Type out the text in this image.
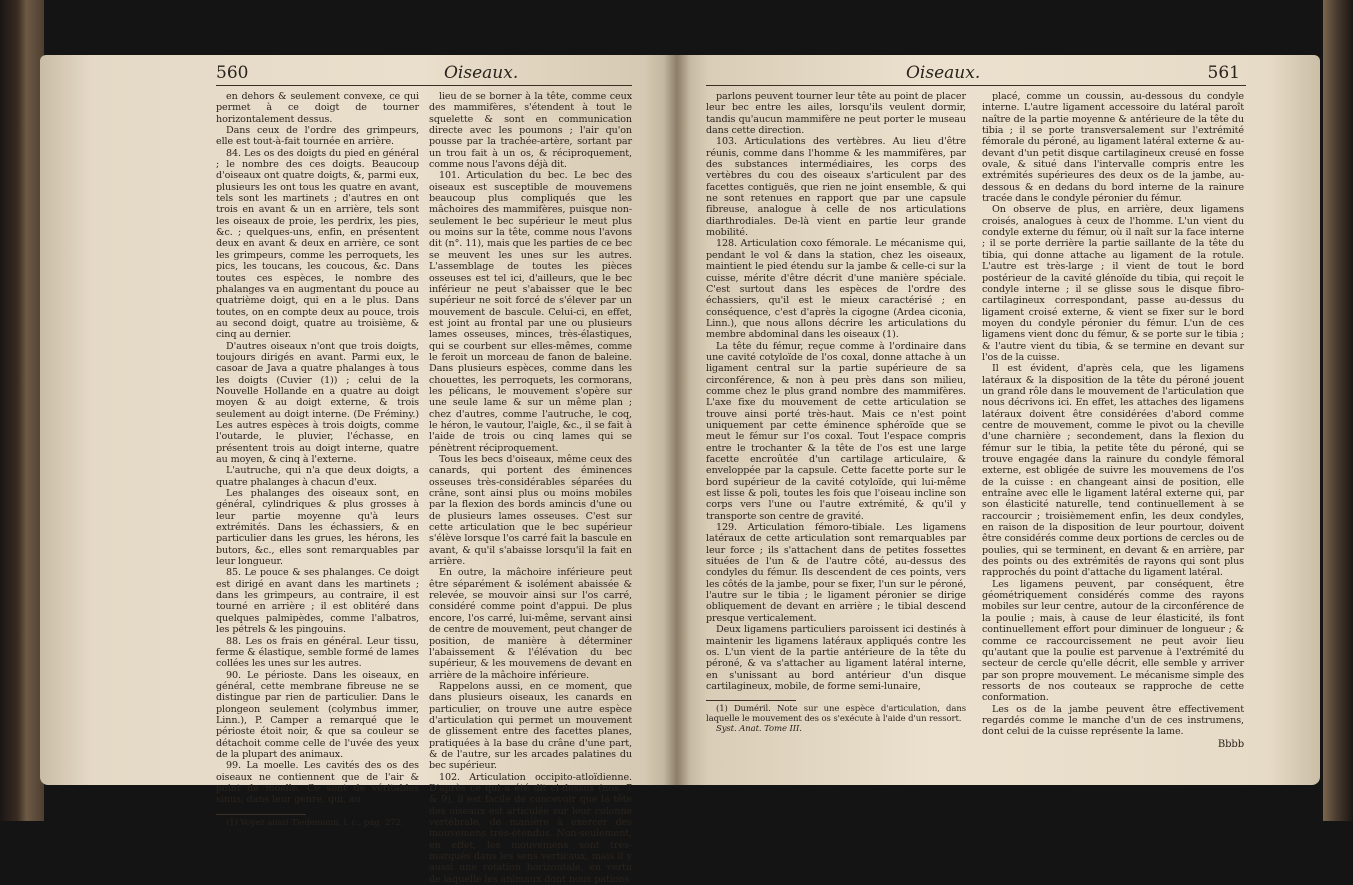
560	Oiseaux.

en dehors & seulement convexe, ce qui permet à ce doigt de tourner horizontalement dessus.

Dans ceux de l'ordre des grimpeurs, elle est tout-à-fait tournée en arrière.

84. Les os des doigts du pied en général ; le nombre des ces doigts. Beaucoup d'oiseaux ont quatre doigts, &, parmi eux, plusieurs les ont tous les quatre en avant, tels sont les martinets ; d'autres en ont trois en avant & un en arrière, tels sont les oiseaux de proie, les perdrix, les pies, &c. ; quelques-uns, enfin, en présentent deux en avant & deux en arrière, ce sont les grimpeurs, comme les perroquets, les pics, les toucans, les coucous, &c. Dans toutes ces espèces, le nombre des phalanges va en augmentant du pouce au quatrième doigt, qui en a le plus. Dans toutes, on en compte deux au pouce, trois au second doigt, quatre au troisième, & cinq au dernier.

D'autres oiseaux n'ont que trois doigts, toujours dirigés en avant. Parmi eux, le casoar de Java a quatre phalanges à tous les doigts (Cuvier (1)) ; celui de la Nouvelle Hollande en a quatre au doigt moyen & au doigt externe, & trois seulement au doigt interne. (De Fréminy.) Les autres espèces à trois doigts, comme l'outarde, le pluvier, l'échasse, en présentent trois au doigt interne, quatre au moyen, & cinq à l'externe.

L'autruche, qui n'a que deux doigts, a quatre phalanges à chacun d'eux.

Les phalanges des oiseaux sont, en général, cylindriques & plus grosses à leur partie moyenne qu'à leurs extrémités. Dans les échassiers, & en particulier dans les grues, les hérons, les butors, &c., elles sont remarquables par leur longueur.

85. Le pouce & ses phalanges. Ce doigt est dirigé en avant dans les martinets ; dans les grimpeurs, au contraire, il est tourné en arrière ; il est oblitéré dans quelques palmipèdes, comme l'albatros, les pétrels & les pingouins.

88. Les os frais en général. Leur tissu, ferme & élastique, semble formé de lames collées les unes sur les autres.

90. Le périoste. Dans les oiseaux, en général, cette membrane fibreuse ne se distingue par rien de particulier. Dans le plongeon seulement (colymbus immer, Linn.), P. Camper a remarqué que le périoste étoit noir, & que sa couleur se détachoit comme celle de l'uvée des yeux de la plupart des animaux.

99. La moelle. Les cavités des os des oiseaux ne contiennent que de l'air & point de moelle. Ce sont de véritables sinus, dans leur genre, qui, au

(1) Voyez aussi Tiedemann, l. c., pag. 272.

lieu de se borner à la tête, comme ceux des mammifères, s'étendent à tout le squelette & sont en communication directe avec les poumons ; l'air qu'on pousse par la trachée-artère, sortant par un trou fait à un os, & réciproquement, comme nous l'avons déjà dit.

101. Articulation du bec. Le bec des oiseaux est susceptible de mouvemens beaucoup plus compliqués que les mâchoires des mammifères, puisque non-seulement le bec supérieur le meut plus ou moins sur la tête, comme nous l'avons dit (n°. 11), mais que les parties de ce bec se meuvent les unes sur les autres. L'assemblage de toutes les pièces osseuses est tel ici, d'ailleurs, que le bec inférieur ne peut s'abaisser que le bec supérieur ne soit forcé de s'élever par un mouvement de bascule. Celui-ci, en effet, est joint au frontal par une ou plusieurs lames osseuses, minces, très-élastiques, qui se courbent sur elles-mêmes, comme le feroit un morceau de fanon de baleine. Dans plusieurs espèces, comme dans les chouettes, les perroquets, les cormorans, les pélicans, le mouvement s'opère sur une seule lame & sur un même plan ; chez d'autres, comme l'autruche, le coq, le héron, le vautour, l'aigle, &c., il se fait à l'aide de trois ou cinq lames qui se pénètrent réciproquement.

Tous les becs d'oiseaux, même ceux des canards, qui portent des éminences osseuses très-considérables séparées du crâne, sont ainsi plus ou moins mobiles par la flexion des bords amincis d'une ou de plusieurs lames osseuses. C'est sur cette articulation que le bec supérieur s'élève lorsque l'os carré fait la bascule en avant, & qu'il s'abaisse lorsqu'il la fait en arrière.

En outre, la mâchoire inférieure peut être séparément & isolément abaissée & relevée, se mouvoir ainsi sur l'os carré, considéré comme point d'appui. De plus encore, l'os carré, lui-même, servant ainsi de centre de mouvement, peut changer de position, de manière à déterminer l'abaissement & l'élévation du bec supérieur, & les mouvemens de devant en arrière de la mâchoire inférieure.

Rappelons aussi, en ce moment, que dans plusieurs oiseaux, les canards en particulier, on trouve une autre espèce d'articulation qui permet un mouvement de glissement entre des facettes planes, pratiquées à la base du crâne d'une part, & de l'autre, sur les arcades palatines du bec supérieur.

102. Articulation occipito-atloïdienne. D'après ce qui a été dit ci-dessus (nos. 7 & 9), il est facile de concevoir que la tête des oiseaux est articulée sur leur colonne vertébrale, de manière à exercer des mouvemens très-étendus. Non-seulement, en effet, les mouvemens sont très-marqués dans les sens verticaux, mais il y aussi une rotation horizontale, en vertu de laquelle les animaux dont nous pations

Oiseaux.	561

parlons peuvent tourner leur tête au point de placer leur bec entre les ailes, lorsqu'ils veulent dormir, tandis qu'aucun mammifère ne peut porter le museau dans cette direction.

103. Articulations des vertèbres. Au lieu d'être réunis, comme dans l'homme & les mammifères, par des substances intermédiaires, les corps des vertèbres du cou des oiseaux s'articulent par des facettes contiguës, que rien ne joint ensemble, & qui ne sont retenues en rapport que par une capsule fibreuse, analogue à celle de nos articulations diarthrodiales. De-là vient en partie leur grande mobilité.

128. Articulation coxo fémorale. Le mécanisme qui, pendant le vol & dans la station, chez les oiseaux, maintient le pied étendu sur la jambe & celle-ci sur la cuisse, mérite d'être décrit d'une manière spéciale. C'est surtout dans les espèces de l'ordre des échassiers, qu'il est le mieux caractérisé ; en conséquence, c'est d'après la cigogne (Ardea ciconia, Linn.), que nous allons décrire les articulations du membre abdominal dans les oiseaux (1).

La tête du fémur, reçue comme à l'ordinaire dans une cavité cotyloïde de l'os coxal, donne attache à un ligament central sur la partie supérieure de sa circonférence, & non à peu près dans son milieu, comme chez le plus grand nombre des mammifères. L'axe fixe du mouvement de cette articulation se trouve ainsi porté très-haut. Mais ce n'est point uniquement par cette éminence sphéroïde que se meut le fémur sur l'os coxal. Tout l'espace compris entre le trochanter & la tête de l'os est une large facette encroûtée d'un cartilage articulaire, & enveloppée par la capsule. Cette facette porte sur le bord supérieur de la cavité cotyloïde, qui lui-même est lisse & poli, toutes les fois que l'oiseau incline son corps vers l'une ou l'autre extrémité, & qu'il y transporte son centre de gravité.

129. Articulation fémoro-tibiale. Les ligamens latéraux de cette articulation sont remarquables par leur force ; ils s'attachent dans de petites fossettes situées de l'un & de l'autre côté, au-dessus des condyles du fémur. Ils descendent de ces points, vers les côtés de la jambe, pour se fixer, l'un sur le péroné, l'autre sur le tibia ; le ligament péronier se dirige obliquement de devant en arrière ; le tibial descend presque verticalement.

Deux ligamens particuliers paroissent ici destinés à maintenir les ligamens latéraux appliqués contre les os. L'un vient de la partie antérieure de la tête du péroné, & va s'attacher au ligament latéral interne, en s'unissant au bord antérieur d'un disque cartilagineux, mobile, de forme semi-lunaire,

(1) Duméril. Note sur une espèce d'articulation, dans laquelle le mouvement des os s'exécute à l'aide d'un ressort.

Syst. Anat. Tome III.

placé, comme un coussin, au-dessous du condyle interne. L'autre ligament accessoire du latéral paroît naître de la partie moyenne & antérieure de la tête du tibia ; il se porte transversalement sur l'extrémité fémorale du péroné, au ligament latéral externe & au-devant d'un petit disque cartilagineux creusé en fosse ovale, & situé dans l'intervalle compris entre les extrémités supérieures des deux os de la jambe, au-dessous & en dedans du bord interne de la rainure tracée dans le condyle péronier du fémur.

On observe de plus, en arrière, deux ligamens croisés, analogues à ceux de l'homme. L'un vient du condyle externe du fémur, où il naît sur la face interne ; il se porte derrière la partie saillante de la tête du tibia, qui donne attache au ligament de la rotule. L'autre est très-large ; il vient de tout le bord postérieur de la cavité glénoïde du tibia, qui reçoit le condyle interne ; il se glisse sous le disque fibro-cartilagineux correspondant, passe au-dessus du ligament croisé externe, & vient se fixer sur le bord moyen du condyle péronier du fémur. L'un de ces ligamens vient donc du fémur, & se porte sur le tibia ; & l'autre vient du tibia, & se termine en devant sur l'os de la cuisse.

Il est évident, d'après cela, que les ligamens latéraux & la disposition de la tête du péroné jouent un grand rôle dans le mouvement de l'articulation que nous décrivons ici. En effet, les attaches des ligamens latéraux doivent être considérées d'abord comme centre de mouvement, comme le pivot ou la cheville d'une charnière ; secondement, dans la flexion du fémur sur le tibia, la petite tête du péroné, qui se trouve engagée dans la rainure du condyle fémoral externe, est obligée de suivre les mouvemens de l'os de la cuisse : en changeant ainsi de position, elle entraîne avec elle le ligament latéral externe qui, par son élasticité naturelle, tend continuellement à se raccourcir ; troisièmement enfin, les deux condyles, en raison de la disposition de leur pourtour, doivent être considérés comme deux portions de cercles ou de poulies, qui se terminent, en devant & en arrière, par des points ou des extrémités de rayons qui sont plus rapprochés du point d'attache du ligament latéral.

Les ligamens peuvent, par conséquent, être géométriquement considérés comme des rayons mobiles sur leur centre, autour de la circonférence de la poulie ; mais, à cause de leur élasticité, ils font continuellement effort pour diminuer de longueur ; & comme ce raccourcissement ne peut avoir lieu qu'autant que la poulie est parvenue à l'extrémité du secteur de cercle qu'elle décrit, elle semble y arriver par son propre mouvement. Le mécanisme simple des ressorts de nos couteaux se rapproche de cette conformation.

Les os de la jambe peuvent être effectivement regardés comme le manche d'un de ces instrumens, dont celui de la cuisse représente la lame.

Bbbb
